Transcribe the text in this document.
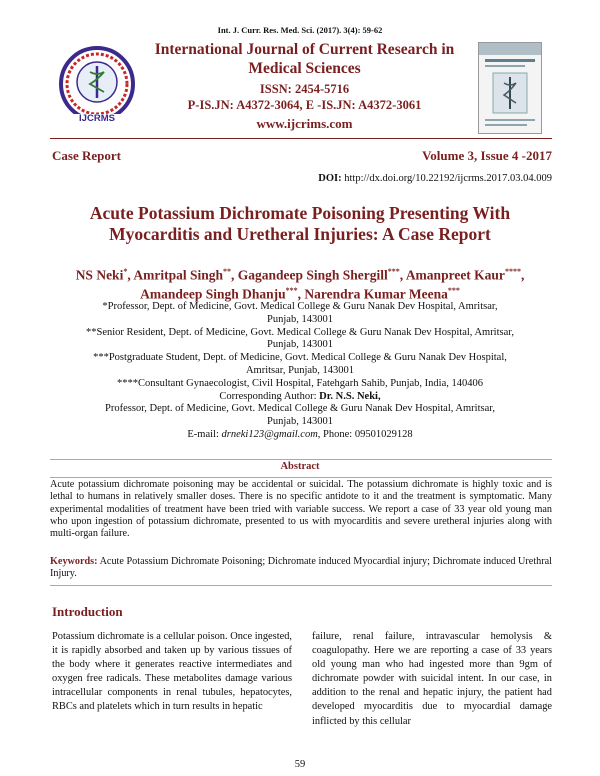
Int. J. Curr. Res. Med. Sci. (2017). 3(4): 59-62
IJCRMS
International Journal of Current Research in Medical Sciences
ISSN: 2454-5716
P-IS.JN: A4372-3064, E -IS.JN: A4372-3061
www.ijcrims.com
Case Report	Volume 3, Issue 4 -2017
DOI: http://dx.doi.org/10.22192/ijcrms.2017.03.04.009
Acute Potassium Dichromate Poisoning Presenting With
Myocarditis and Uretheral Injuries: A Case Report
NS Neki*, Amritpal Singh**, Gagandeep Singh Shergill***, Amanpreet Kaur****,
Amandeep Singh Dhanju***, Narendra Kumar Meena***
*Professor, Dept. of Medicine, Govt. Medical College & Guru Nanak Dev Hospital, Amritsar,
Punjab, 143001
**Senior Resident, Dept. of Medicine, Govt. Medical College & Guru Nanak Dev Hospital, Amritsar,
Punjab, 143001
***Postgraduate Student, Dept. of Medicine, Govt. Medical College & Guru Nanak Dev Hospital,
Amritsar, Punjab, 143001
****Consultant Gynaecologist, Civil Hospital, Fatehgarh Sahib, Punjab, India, 140406
Corresponding Author: Dr. N.S. Neki,
Professor, Dept. of Medicine, Govt. Medical College & Guru Nanak Dev Hospital, Amritsar,
Punjab, 143001
E-mail: drneki123@gmail.com, Phone: 09501029128
Abstract

Acute potassium dichromate poisoning may be accidental or suicidal. The potassium dichromate is highly toxic and is lethal to humans in relatively smaller doses. There is no specific antidote to it and the treatment is symptomatic. Many experimental modalities of treatment have been tried with variable success. We report a case of 33 year old young man who upon ingestion of potassium dichromate, presented to us with myocarditis and severe uretheral injuries along with multi-organ failure.

Keywords: Acute Potassium Dichromate Poisoning; Dichromate induced Myocardial injury; Dichromate induced Urethral Injury.
Introduction

Potassium dichromate is a cellular poison. Once ingested, it is rapidly absorbed and taken up by various tissues of the body where it generates reactive intermediates and oxygen free radicals. These metabolites damage various intracellular components in renal tubules, hepatocytes, RBCs and platelets which in turn results in hepatic

failure, renal failure, intravascular hemolysis & coagulopathy. Here we are reporting a case of 33 years old young man who had ingested more than 9gm of dichromate powder with suicidal intent. In our case, in addition to the renal and hepatic injury, the patient had developed myocarditis due to myocardial damage inflicted by this cellular

59
